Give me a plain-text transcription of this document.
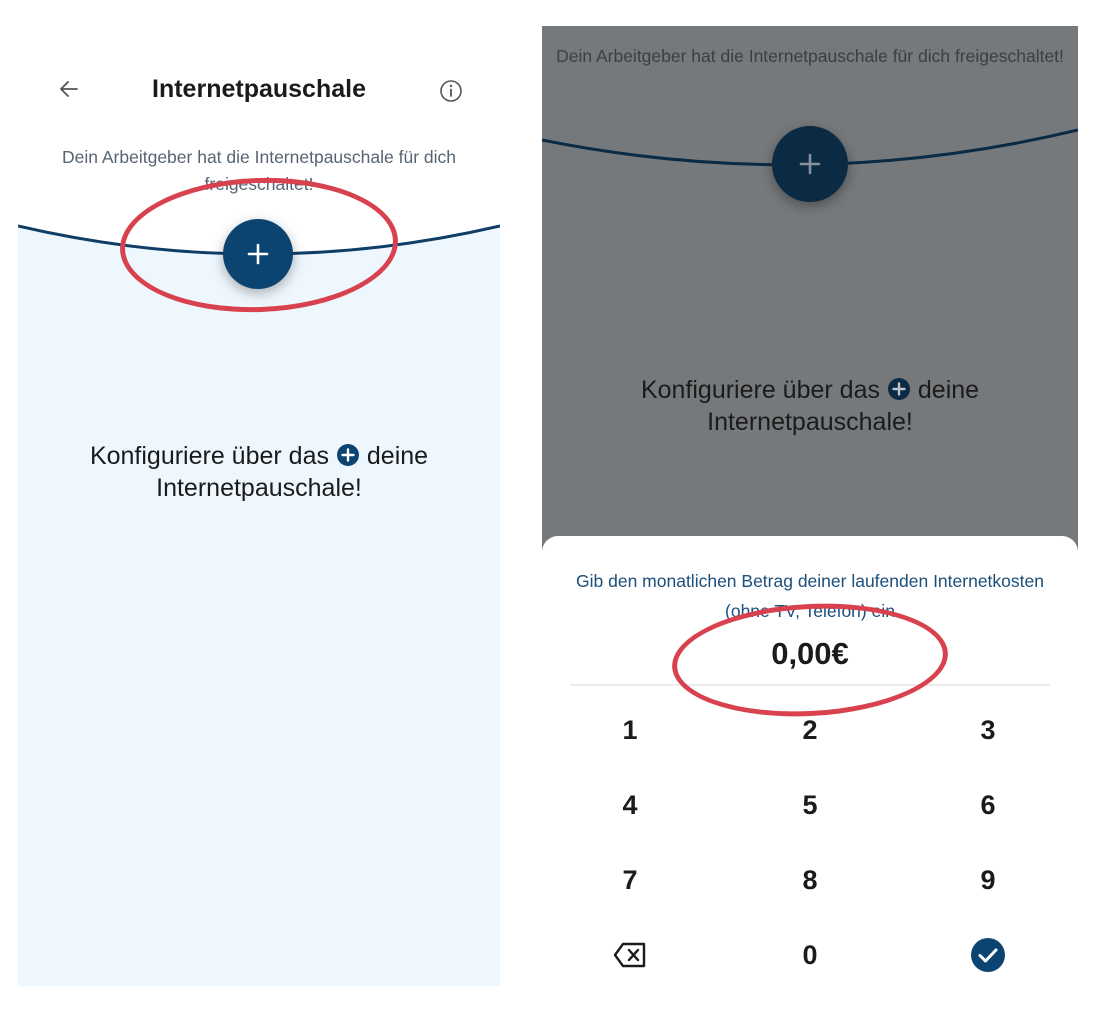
Internetpauschale
Dein Arbeitgeber hat die Internetpauschale für dich freigeschaltet!
Konfiguriere über das deine Internetpauschale!
Dein Arbeitgeber hat die Internetpauschale für dich freigeschaltet!
Konfiguriere über das deine Internetpauschale!
Gib den monatlichen Betrag deiner laufenden Internetkosten (ohne TV, Telefon) ein
0,00€
1	2	3
4	5	6
7	8	9
0
